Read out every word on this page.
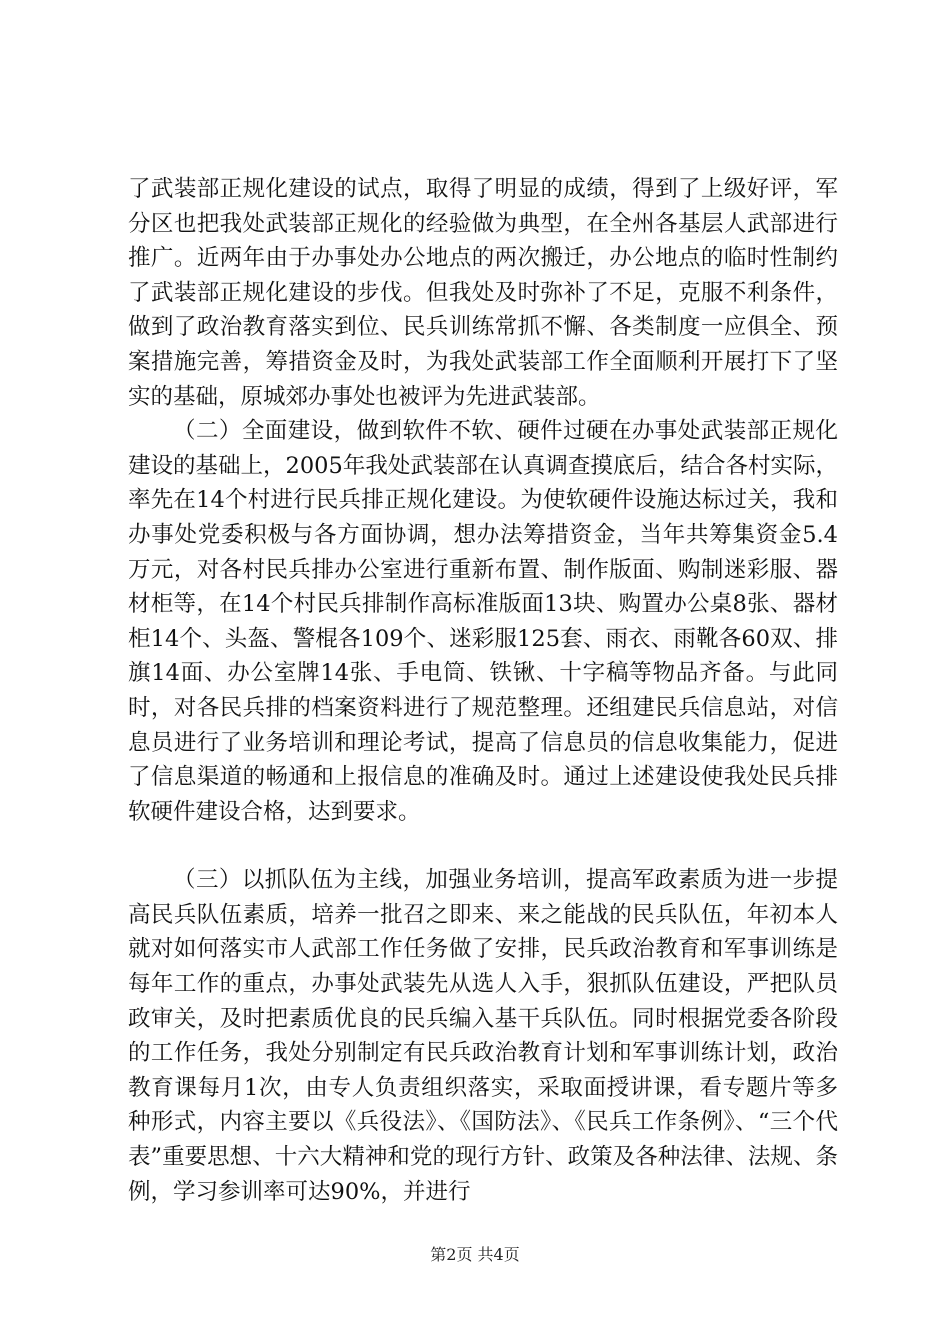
了武装部正规化建设的试点，取得了明显的成绩，得到了上级好评，军分区也把我处武装部正规化的经验做为典型，在全州各基层人武部进行推广。近两年由于办事处办公地点的两次搬迁，办公地点的临时性制约了武装部正规化建设的步伐。但我处及时弥补了不足，克服不利条件，做到了政治教育落实到位、民兵训练常抓不懈、各类制度一应俱全、预案措施完善，筹措资金及时，为我处武装部工作全面顺利开展打下了坚实的基础，原城郊办事处也被评为先进武装部。

（二）全面建设，做到软件不软、硬件过硬在办事处武装部正规化建设的基础上，2005年我处武装部在认真调查摸底后，结合各村实际，率先在14个村进行民兵排正规化建设。为使软硬件设施达标过关，我和办事处党委积极与各方面协调，想办法筹措资金，当年共筹集资金5.4万元，对各村民兵排办公室进行重新布置、制作版面、购制迷彩服、器材柜等，在14个村民兵排制作高标准版面13块、购置办公桌8张、器材柜14个、头盔、警棍各109个、迷彩服125套、雨衣、雨靴各60双、排旗14面、办公室牌14张、手电筒、铁锹、十字稿等物品齐备。与此同时，对各民兵排的档案资料进行了规范整理。还组建民兵信息站，对信息员进行了业务培训和理论考试，提高了信息员的信息收集能力，促进了信息渠道的畅通和上报信息的准确及时。通过上述建设使我处民兵排软硬件建设合格，达到要求。

（三）以抓队伍为主线，加强业务培训，提高军政素质为进一步提高民兵队伍素质，培养一批召之即来、来之能战的民兵队伍，年初本人就对如何落实市人武部工作任务做了安排，民兵政治教育和军事训练是每年工作的重点，办事处武装先从选人入手，狠抓队伍建设，严把队员政审关，及时把素质优良的民兵编入基干兵队伍。同时根据党委各阶段的工作任务，我处分别制定有民兵政治教育计划和军事训练计划，政治教育课每月1次，由专人负责组织落实，采取面授讲课，看专题片等多种形式，内容主要以《兵役法》、《国防法》、《民兵工作条例》、“三个代表”重要思想、十六大精神和党的现行方针、政策及各种法律、法规、条例，学习参训率可达90%，并进行

第2页 共4页
